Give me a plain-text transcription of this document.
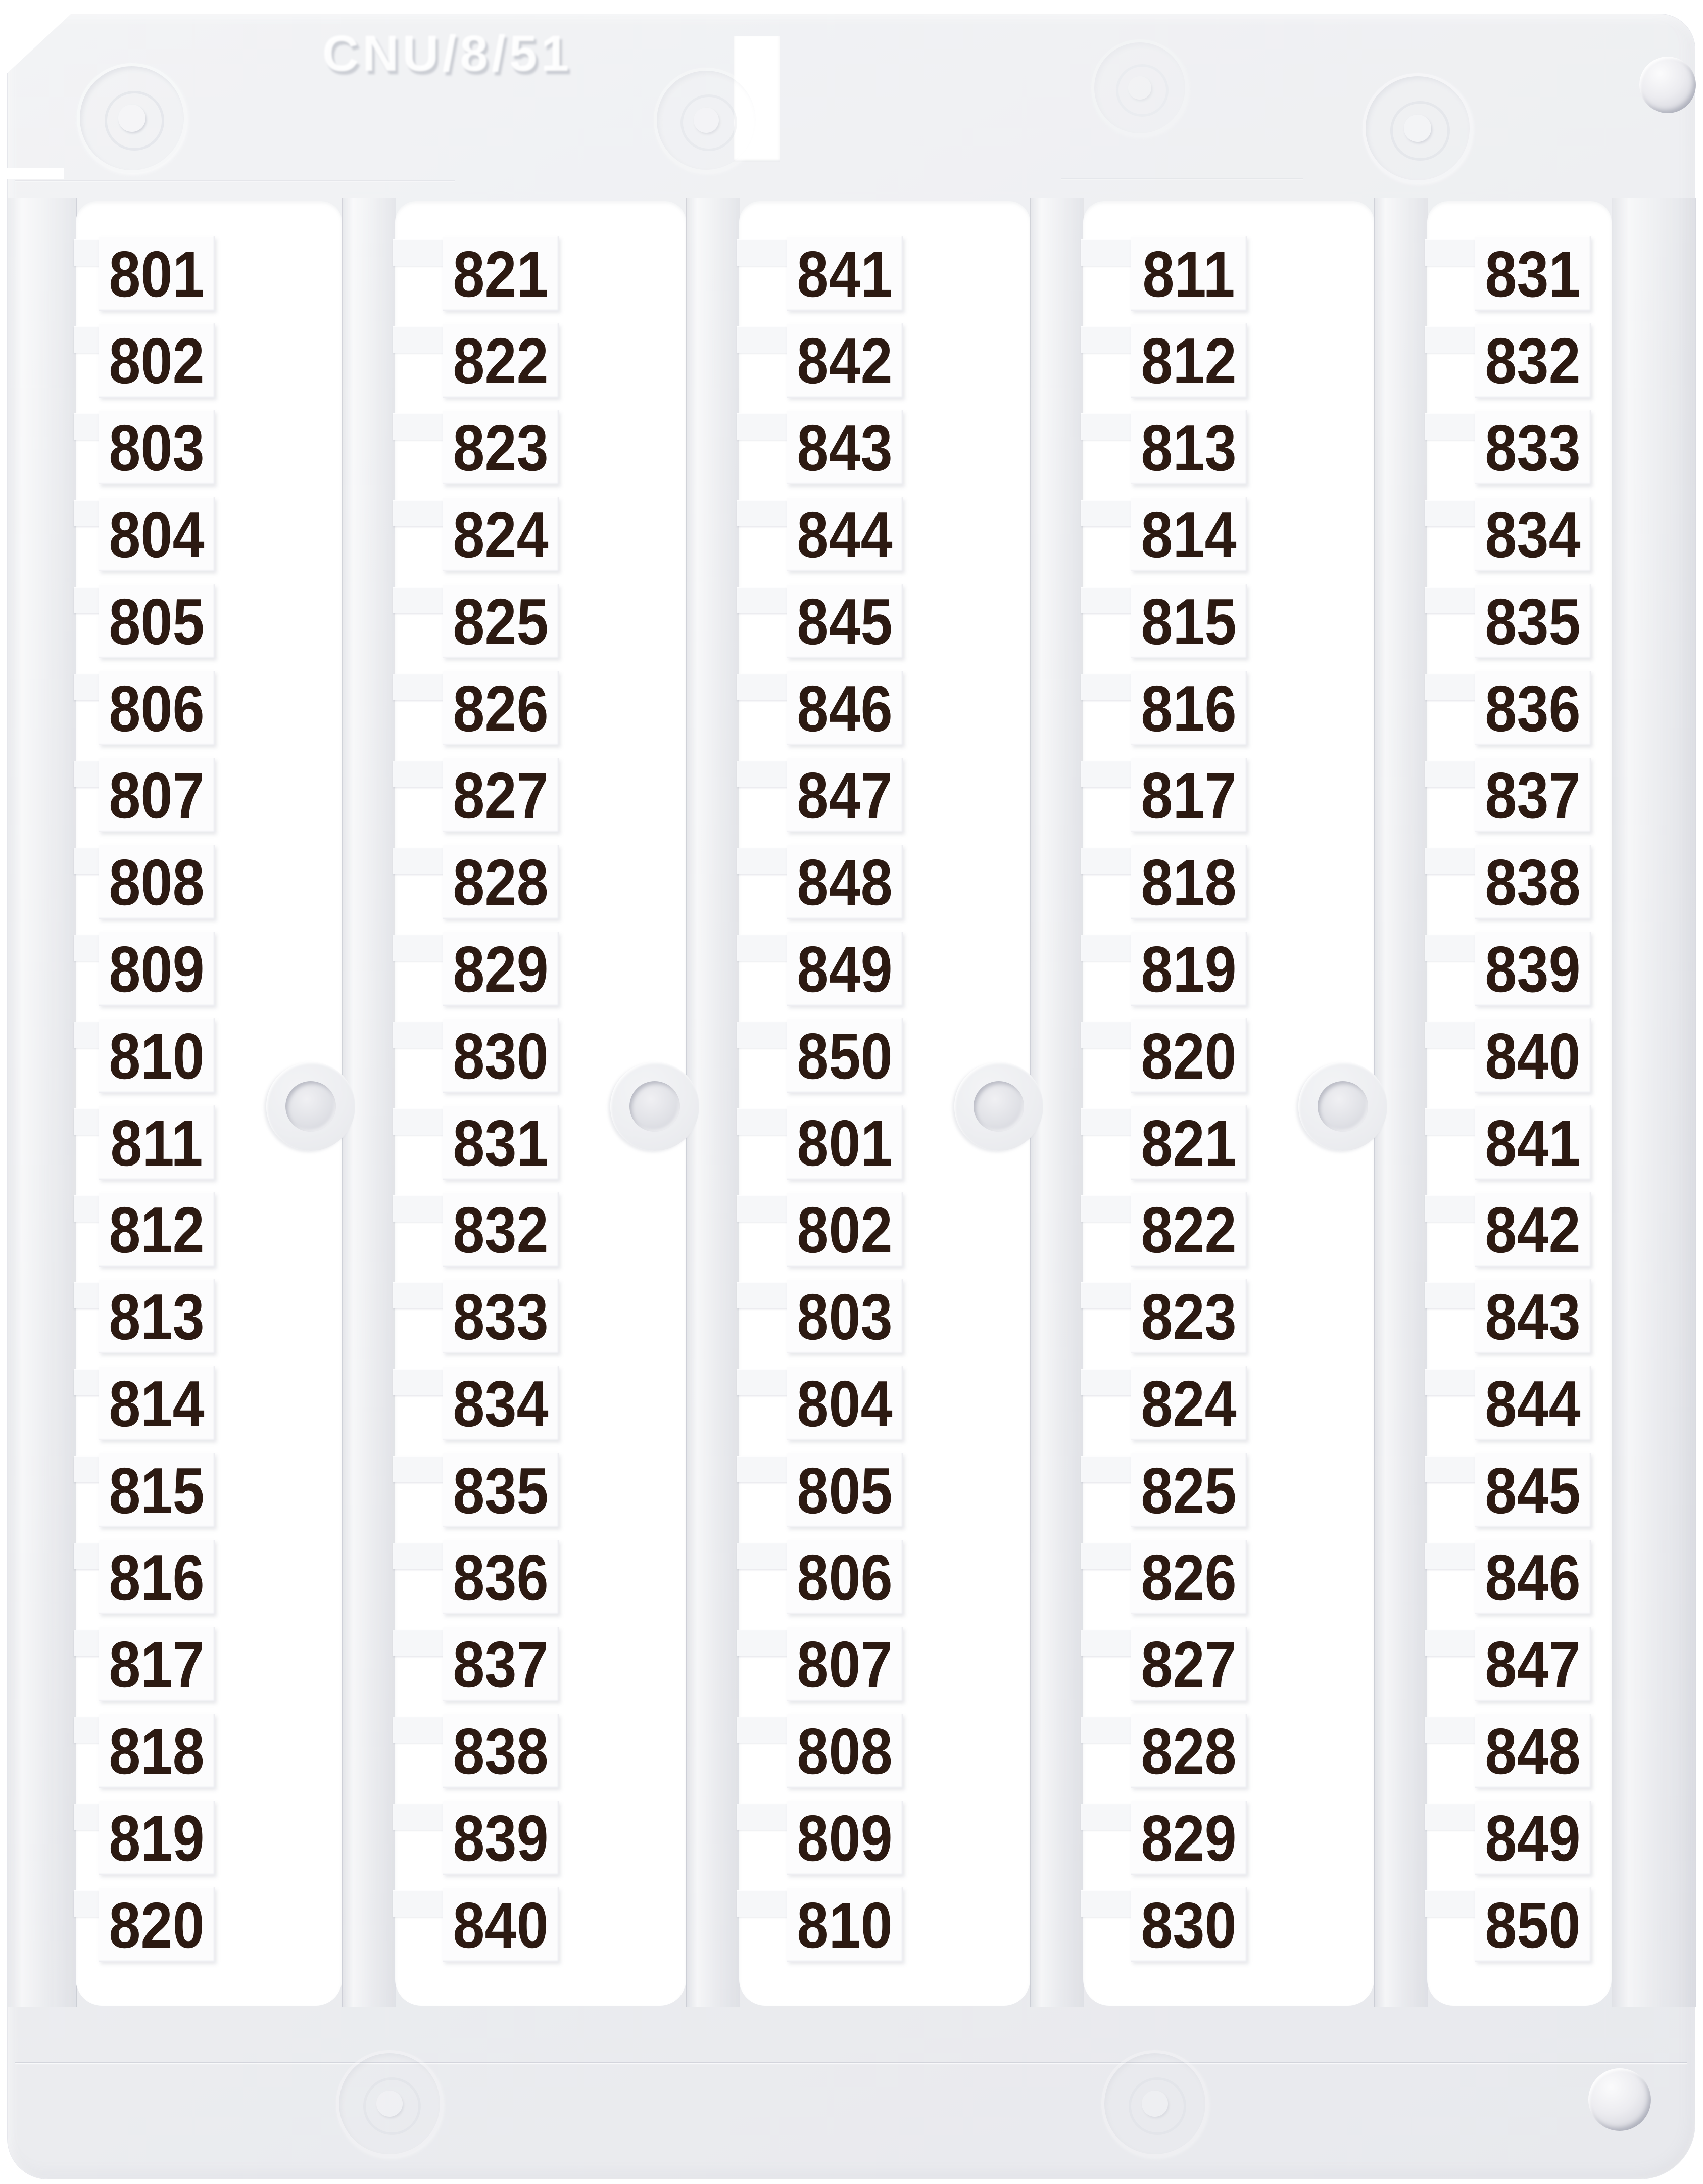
CNU/8/51
801
802
803
804
805
806
807
808
809
810
811
812
813
814
815
816
817
818
819
820
821
822
823
824
825
826
827
828
829
830
831
832
833
834
835
836
837
838
839
840
841
842
843
844
845
846
847
848
849
850
801
802
803
804
805
806
807
808
809
810
811
812
813
814
815
816
817
818
819
820
821
822
823
824
825
826
827
828
829
830
831
832
833
834
835
836
837
838
839
840
841
842
843
844
845
846
847
848
849
850
